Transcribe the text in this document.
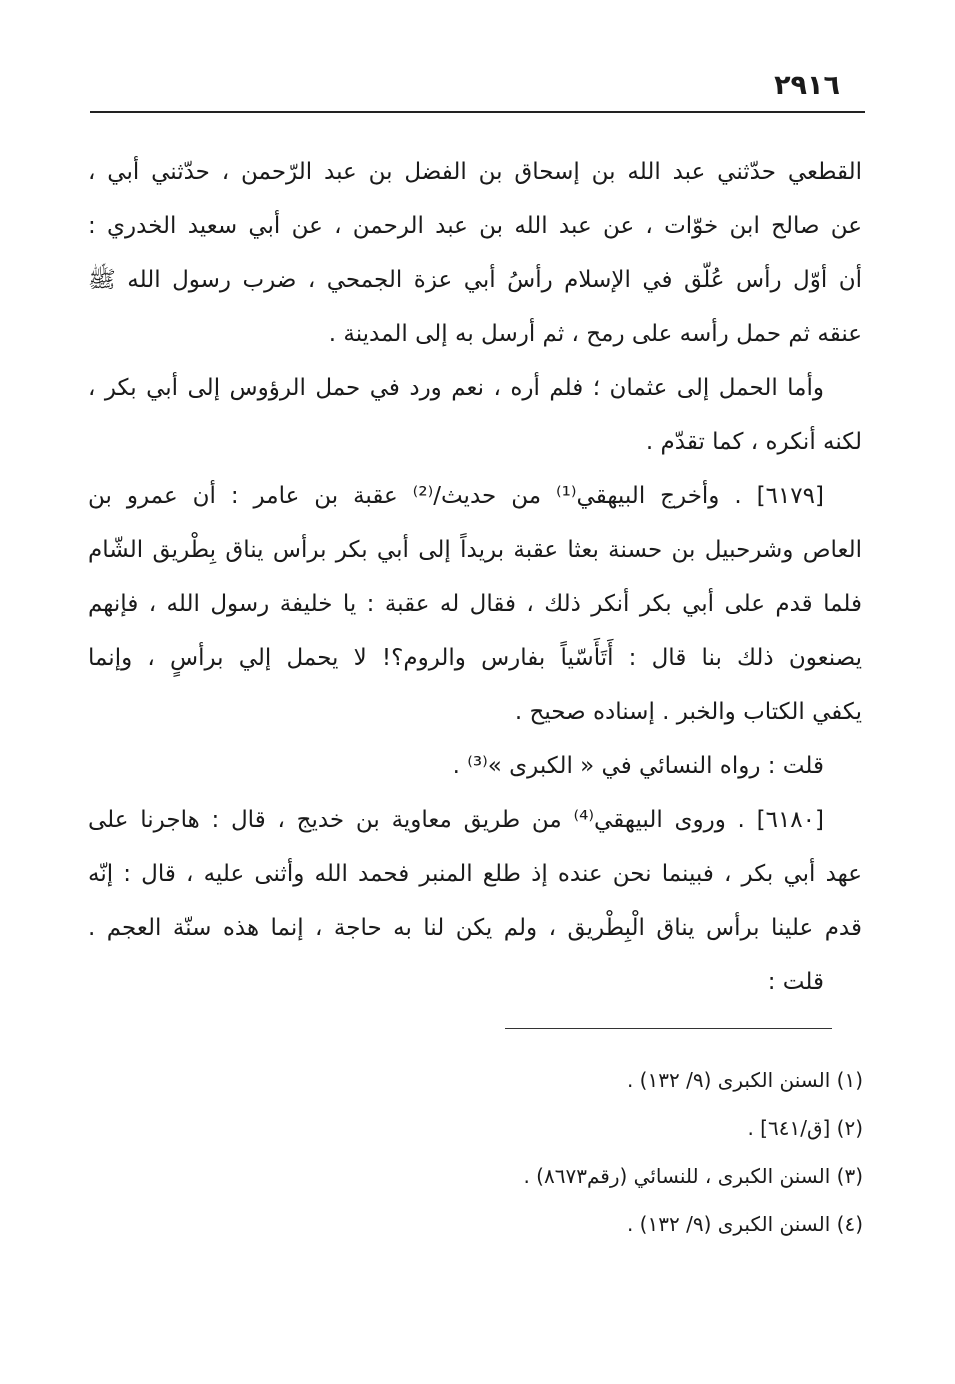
٢٩١٦
القطعي حدّثني عبد الله بن إسحاق بن الفضل بن عبد الرّحمن ، حدّثني أبي ،
عن صالح ابن خوّات ، عن عبد الله بن عبد الرحمن ، عن أبي سعيد الخدري :
أن أوّل رأس عُلّق في الإسلام رأسُ أبي عزة الجمحي ، ضرب رسول الله ﷺ
عنقه ثم حمل رأسه على رمح ، ثم أرسل به إلى المدينة .
وأما الحمل إلى عثمان ؛ فلم أره ، نعم ورد في حمل الرؤوس إلى أبي بكر ،
لكنه أنكره ، كما تقدّم .
[٦١٧٩] . وأخرج البيهقي⁽¹⁾ من حديث/⁽²⁾ عقبة بن عامر : أن عمرو بن
العاص وشرحبيل بن حسنة بعثا عقبة بريداً إلى أبي بكر برأس يناق بِطْريق الشّام
فلما قدم على أبي بكر أنكر ذلك ، فقال له عقبة : يا خليفة رسول الله ، فإنهم
يصنعون ذلك بنا قال : أَتَأَسّياً بفارس والروم؟! لا يحمل إلي برأسٍ ، وإنما
يكفي الكتاب والخبر . إسناده صحيح .
قلت : رواه النسائي في « الكبرى »⁽³⁾ .
[٦١٨٠] . وروى البيهقي⁽⁴⁾ من طريق معاوية بن خديج ، قال : هاجرنا على
عهد أبي بكر ، فبينما نحن عنده إذ طلع المنبر فحمد الله وأثنى عليه ، قال : إنّه
قدم علينا برأس يناق الْبِطْريق ، ولم يكن لنا به حاجة ، إنما هذه سنّة العجم .
قلت :
(١) السنن الكبرى (٩/ ١٣٢) .
(٢) [ق/٦٤١] .
(٣) السنن الكبرى ، للنسائي (رقم٨٦٧٣) .
(٤) السنن الكبرى (٩/ ١٣٢) .
